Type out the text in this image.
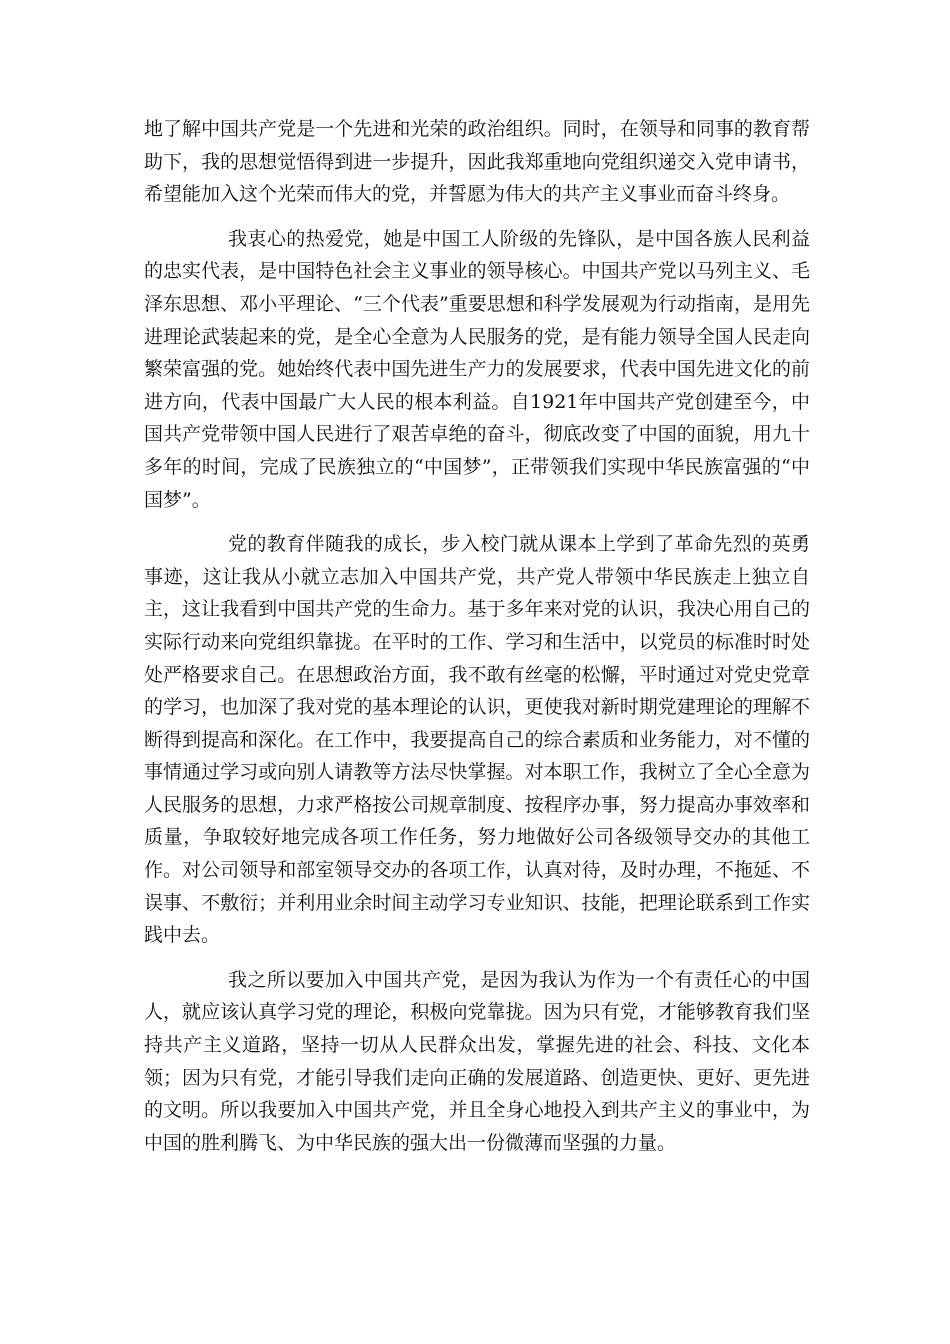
地了解中国共产党是一个先进和光荣的政治组织。同时，在领导和同事的教育帮助下，我的思想觉悟得到进一步提升，因此我郑重地向党组织递交入党申请书，希望能加入这个光荣而伟大的党，并誓愿为伟大的共产主义事业而奋斗终身。

我衷心的热爱党，她是中国工人阶级的先锋队，是中国各族人民利益的忠实代表，是中国特色社会主义事业的领导核心。中国共产党以马列主义、毛泽东思想、邓小平理论、“三个代表”重要思想和科学发展观为行动指南，是用先进理论武装起来的党，是全心全意为人民服务的党，是有能力领导全国人民走向繁荣富强的党。她始终代表中国先进生产力的发展要求，代表中国先进文化的前进方向，代表中国最广大人民的根本利益。自1921年中国共产党创建至今，中国共产党带领中国人民进行了艰苦卓绝的奋斗，彻底改变了中国的面貌，用九十多年的时间，完成了民族独立的“中国梦”，正带领我们实现中华民族富强的“中国梦”。

党的教育伴随我的成长，步入校门就从课本上学到了革命先烈的英勇事迹，这让我从小就立志加入中国共产党，共产党人带领中华民族走上独立自主，这让我看到中国共产党的生命力。基于多年来对党的认识，我决心用自己的实际行动来向党组织靠拢。在平时的工作、学习和生活中，以党员的标准时时处处严格要求自己。在思想政治方面，我不敢有丝毫的松懈，平时通过对党史党章的学习，也加深了我对党的基本理论的认识，更使我对新时期党建理论的理解不断得到提高和深化。在工作中，我要提高自己的综合素质和业务能力，对不懂的事情通过学习或向别人请教等方法尽快掌握。对本职工作，我树立了全心全意为人民服务的思想，力求严格按公司规章制度、按程序办事，努力提高办事效率和质量，争取较好地完成各项工作任务，努力地做好公司各级领导交办的其他工作。对公司领导和部室领导交办的各项工作，认真对待，及时办理，不拖延、不误事、不敷衍；并利用业余时间主动学习专业知识、技能，把理论联系到工作实践中去。

我之所以要加入中国共产党，是因为我认为作为一个有责任心的中国人，就应该认真学习党的理论，积极向党靠拢。因为只有党，才能够教育我们坚持共产主义道路，坚持一切从人民群众出发，掌握先进的社会、科技、文化本领；因为只有党，才能引导我们走向正确的发展道路、创造更快、更好、更先进的文明。所以我要加入中国共产党，并且全身心地投入到共产主义的事业中，为中国的胜利腾飞、为中华民族的强大出一份微薄而坚强的力量。
